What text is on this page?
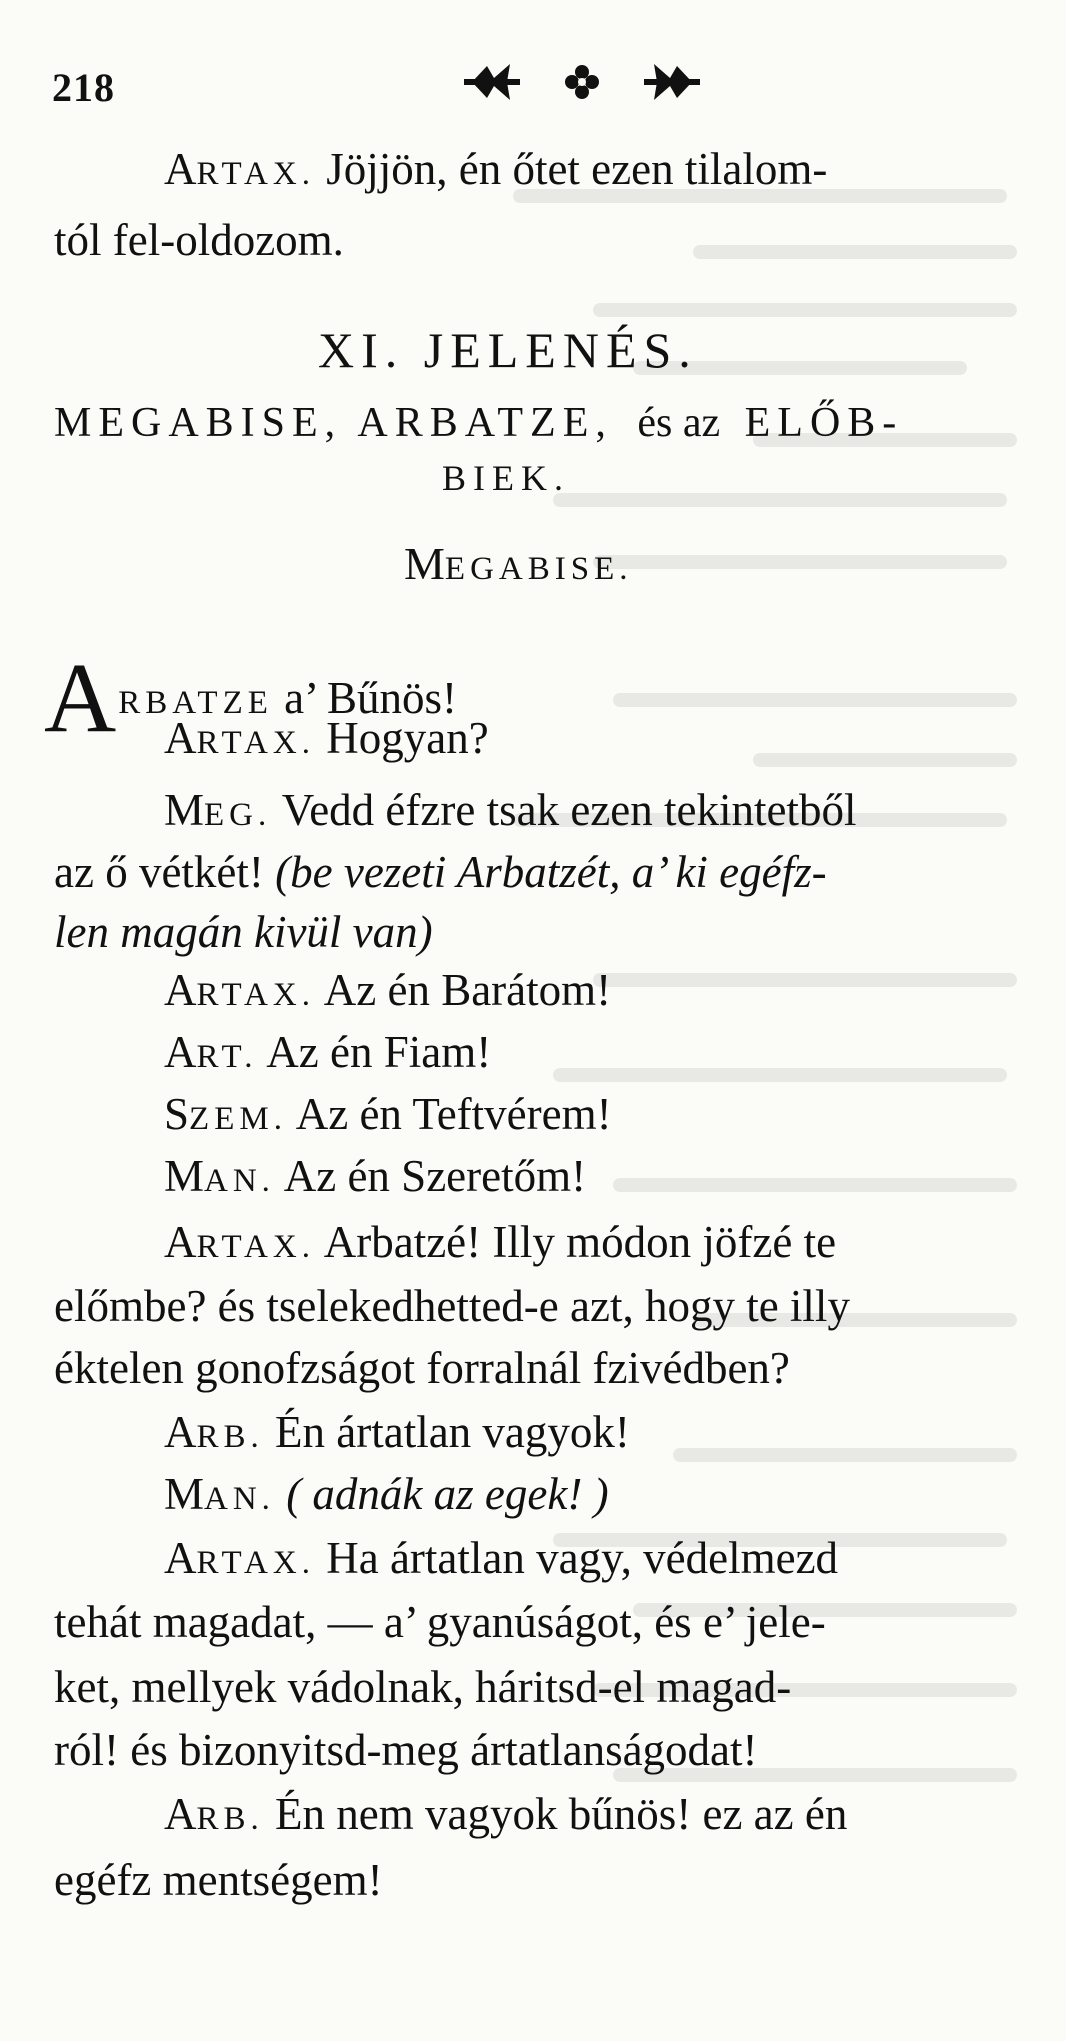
218
ARTAX. Jöjjön, én őtet ezen tilalom-
tól fel-oldozom.
XI. JELENÉS.
MEGABISE, ARBATZE, és az ELŐB-
BIEK.
MEGABISE.
ARBATZE a’ Bűnös!
ARTAX. Hogyan?
MEG. Vedd éfzre tsak ezen tekintetből
az ő vétkét! (be vezeti Arbatzét, a’ ki egéfz-
len magán kivül van)
ARTAX. Az én Barátom!
ART. Az én Fiam!
SZEM. Az én Teftvérem!
MAN. Az én Szeretőm!
ARTAX. Arbatzé! Illy módon jöfzé te
előmbe? és tselekedhetted-e azt, hogy te illy
éktelen gonofzságot forralnál fzivédben?
ARB. Én ártatlan vagyok!
MAN. ( adnák az egek! )
ARTAX. Ha ártatlan vagy, védelmezd
tehát magadat, — a’ gyanúságot, és e’ jele-
ket, mellyek vádolnak, háritsd-el magad-
ról! és bizonyitsd-meg ártatlanságodat!
ARB. Én nem vagyok bűnös! ez az én
egéfz mentségem!
